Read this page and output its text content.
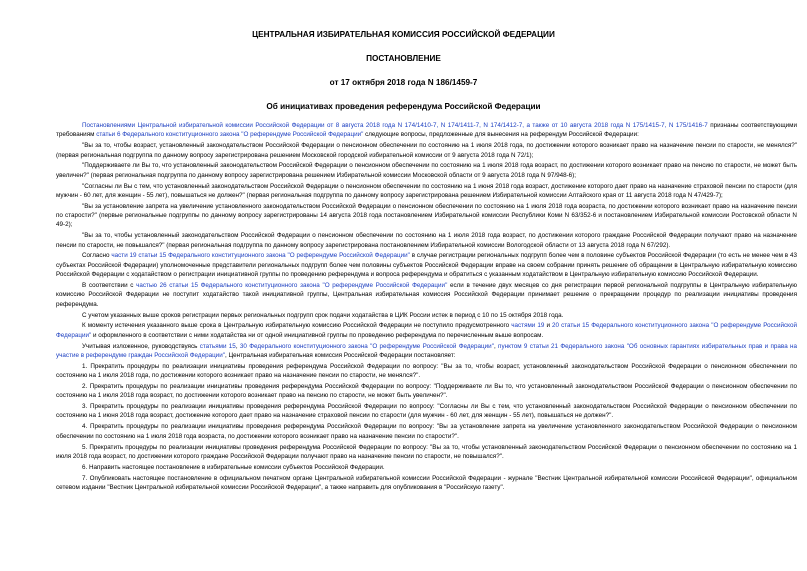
ЦЕНТРАЛЬНАЯ ИЗБИРАТЕЛЬНАЯ КОМИССИЯ РОССИЙСКОЙ ФЕДЕРАЦИИ
ПОСТАНОВЛЕНИЕ
от 17 октября 2018 года N 186/1459-7
Об инициативах проведения референдума Российской Федерации

Постановлениями Центральной избирательной комиссии Российской Федерации от 8 августа 2018 года N 174/1410-7, N 174/1411-7, N 174/1412-7, а также от 10 августа 2018 года N 175/1415-7, N 175/1416-7 признаны соответствующими требованиям статьи 6 Федерального конституционного закона "О референдуме Российской Федерации" следующие вопросы, предложенные для вынесения на референдум Российской Федерации:

"Вы за то, чтобы возраст, установленный законодательством Российской Федерации о пенсионном обеспечении по состоянию на 1 июля 2018 года, по достижении которого возникает право на назначение пенсии по старости, не менялся?" (первая региональная подгруппа по данному вопросу зарегистрирована решением Московской городской избирательной комиссии от 9 августа 2018 года N 72/1);

"Поддерживаете ли Вы то, что установленный законодательством Российской Федерации о пенсионном обеспечении по состоянию на 1 июля 2018 года возраст, по достижении которого возникает право на пенсию по старости, не может быть увеличен?" (первая региональная подгруппа по данному вопросу зарегистрирована решением Избирательной комиссии Московской области от 9 августа 2018 года N 97/948-6);

"Согласны ли Вы с тем, что установленный законодательством Российской Федерации о пенсионном обеспечении по состоянию на 1 июня 2018 года возраст, достижение которого дает право на назначение страховой пенсии по старости (для мужчин - 60 лет, для женщин - 55 лет), повышаться не должен?" (первая региональная подгруппа по данному вопросу зарегистрирована решением Избирательной комиссии Алтайского края от 11 августа 2018 года N 47/429-7);

"Вы за установление запрета на увеличение установленного законодательством Российской Федерации о пенсионном обеспечении по состоянию на 1 июля 2018 года возраста, по достижении которого возникает право на назначение пенсии по старости?" (первые региональные подгруппы по данному вопросу зарегистрированы 14 августа 2018 года постановлением Избирательной комиссии Республики Коми N 63/352-6 и постановлением Избирательной комиссии Ростовской области N 49-2);

"Вы за то, чтобы установленный законодательством Российской Федерации о пенсионном обеспечении по состоянию на 1 июля 2018 года возраст, по достижении которого граждане Российской Федерации получают право на назначение пенсии по старости, не повышался?" (первая региональная подгруппа по данному вопросу зарегистрирована постановлением Избирательной комиссии Вологодской области от 13 августа 2018 года N 67/292).

Согласно части 19 статьи 15 Федерального конституционного закона "О референдуме Российской Федерации" в случае регистрации региональных подгрупп более чем в половине субъектов Российской Федерации (то есть не менее чем в 43 субъектах Российской Федерации) уполномоченные представители региональных подгрупп более чем половины субъектов Российской Федерации вправе на своем собрании принять решение об обращении в Центральную избирательную комиссию Российской Федерации с ходатайством о регистрации инициативной группы по проведению референдума и вопроса референдума и обратиться с указанным ходатайством в Центральную избирательную комиссию Российской Федерации.

В соответствии с частью 26 статьи 15 Федерального конституционного закона "О референдуме Российской Федерации" если в течение двух месяцев со дня регистрации первой региональной подгруппы в Центральную избирательную комиссию Российской Федерации не поступит ходатайство такой инициативной группы, Центральная избирательная комиссия Российской Федерации принимает решение о прекращении процедур по реализации инициативы проведения референдума.

С учетом указанных выше сроков регистрации первых региональных подгрупп срок подачи ходатайства в ЦИК России истек в период с 10 по 15 октября 2018 года.

К моменту истечения указанного выше срока в Центральную избирательную комиссию Российской Федерации не поступило предусмотренного частями 19 и 20 статьи 15 Федерального конституционного закона "О референдуме Российской Федерации" и оформленного в соответствии с ними ходатайства ни от одной инициативной группы по проведению референдума по перечисленным выше вопросам.

Учитывая изложенное, руководствуясь статьями 15, 30 Федерального конституционного закона "О референдуме Российской Федерации", пунктом 9 статьи 21 Федерального закона "Об основных гарантиях избирательных прав и права на участие в референдуме граждан Российской Федерации", Центральная избирательная комиссия Российской Федерации постановляет:

1. Прекратить процедуры по реализации инициативы проведения референдума Российской Федерации по вопросу: "Вы за то, чтобы возраст, установленный законодательством Российской Федерации о пенсионном обеспечении по состоянию на 1 июля 2018 года, по достижении которого возникает право на назначение пенсии по старости, не менялся?".

2. Прекратить процедуры по реализации инициативы проведения референдума Российской Федерации по вопросу: "Поддерживаете ли Вы то, что установленный законодательством Российской Федерации о пенсионном обеспечении по состоянию на 1 июля 2018 года возраст, по достижении которого возникает право на пенсию по старости, не может быть увеличен?".

3. Прекратить процедуры по реализации инициативы проведения референдума Российской Федерации по вопросу: "Согласны ли Вы с тем, что установленный законодательством Российской Федерации о пенсионном обеспечении по состоянию на 1 июня 2018 года возраст, достижение которого дает право на назначение страховой пенсии по старости (для мужчин - 60 лет, для женщин - 55 лет), повышаться не должен?".

4. Прекратить процедуры по реализации инициативы проведения референдума Российской Федерации по вопросу: "Вы за установление запрета на увеличение установленного законодательством Российской Федерации о пенсионном обеспечении по состоянию на 1 июля 2018 года возраста, по достижении которого возникает право на назначение пенсии по старости?".

5. Прекратить процедуры по реализации инициативы проведения референдума Российской Федерации по вопросу: "Вы за то, чтобы установленный законодательством Российской Федерации о пенсионном обеспечении по состоянию на 1 июля 2018 года возраст, по достижении которого граждане Российской Федерации получают право на назначение пенсии по старости, не повышался?".

6. Направить настоящее постановление в избирательные комиссии субъектов Российской Федерации.

7. Опубликовать настоящее постановление в официальном печатном органе Центральной избирательной комиссии Российской Федерации - журнале "Вестник Центральной избирательной комиссии Российской Федерации", официальном сетевом издании "Вестник Центральной избирательной комиссии Российской Федерации", а также направить для опубликования в "Российскую газету".
